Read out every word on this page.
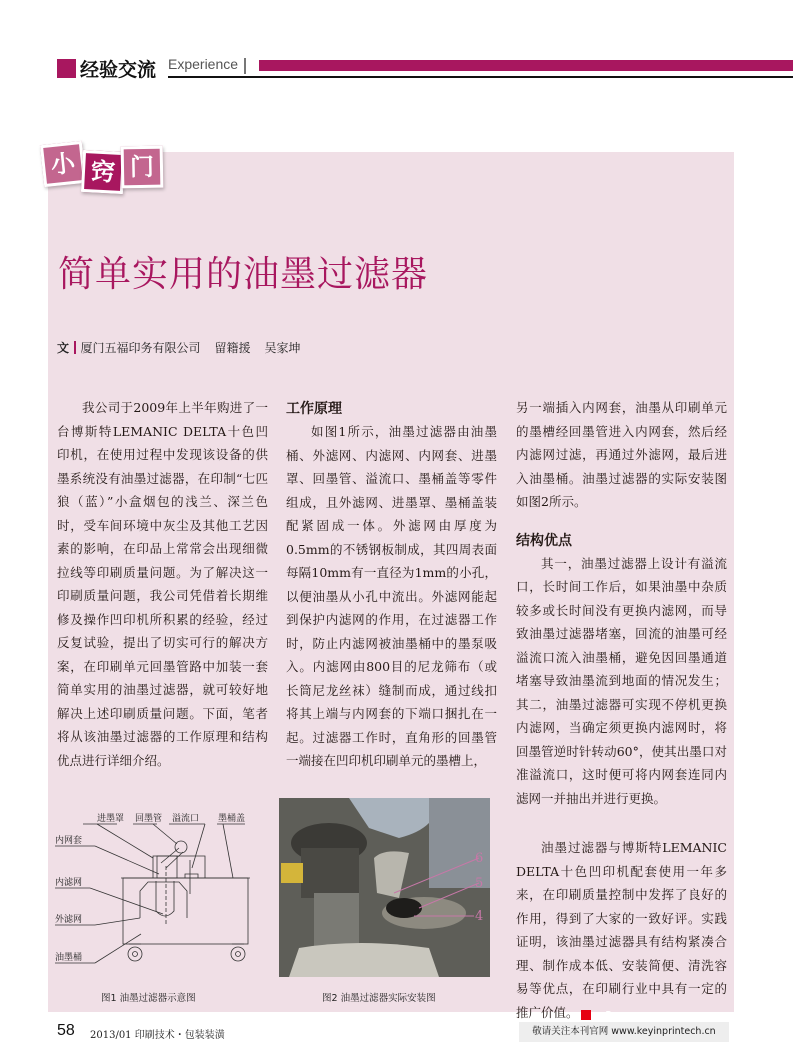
经验交流 Experience
小 窍 门
简单实用的油墨过滤器
文 厦门五福印务有限公司 留籍援 吴家坤

我公司于2009年上半年购进了一台博斯特LEMANIC DELTA十色凹印机，在使用过程中发现该设备的供墨系统没有油墨过滤器，在印制“七匹狼（蓝）”小盒烟包的浅兰、深兰色时，受车间环境中灰尘及其他工艺因素的影响，在印品上常常会出现细微拉线等印刷质量问题。为了解决这一印刷质量问题，我公司凭借着长期维修及操作凹印机所积累的经验，经过反复试验，提出了切实可行的解决方案，在印刷单元回墨管路中加装一套简单实用的油墨过滤器，就可较好地解决上述印刷质量问题。下面，笔者将从该油墨过滤器的工作原理和结构优点进行详细介绍。

工作原理

如图1所示，油墨过滤器由油墨桶、外滤网、内滤网、内网套、进墨罩、回墨管、溢流口、墨桶盖等零件组成，且外滤网、进墨罩、墨桶盖装配紧固成一体。外滤网由厚度为0.5mm的不锈钢板制成，其四周表面每隔10mm有一直径为1mm的小孔，以便油墨从小孔中流出。外滤网能起到保护内滤网的作用，在过滤器工作时，防止内滤网被油墨桶中的墨泵吸入。内滤网由800目的尼龙筛布（或长筒尼龙丝袜）缝制而成，通过线扣将其上端与内网套的下端口捆扎在一起。过滤器工作时，直角形的回墨管一端接在凹印机印刷单元的墨槽上，

另一端插入内网套，油墨从印刷单元的墨槽经回墨管进入内网套，然后经内滤网过滤，再通过外滤网，最后进入油墨桶。油墨过滤器的实际安装图如图2所示。

结构优点

其一，油墨过滤器上设计有溢流口，长时间工作后，如果油墨中杂质较多或长时间没有更换内滤网，而导致油墨过滤器堵塞，回流的油墨可经溢流口流入油墨桶，避免因回墨通道堵塞导致油墨流到地面的情况发生；其二，油墨过滤器可实现不停机更换内滤网，当确定须更换内滤网时，将回墨管逆时针转动60°，使其出墨口对准溢流口，这时便可将内网套连同内滤网一并抽出并进行更换。

油墨过滤器与博斯特LEMANIC DELTA十色凹印机配套使用一年多来，在印刷质量控制中发挥了良好的作用，得到了大家的一致好评。实践证明，该油墨过滤器具有结构紧凑合理、制作成本低、安装简便、清洗容易等优点，在印刷行业中具有一定的推广价值。	P

进墨罩 回墨管 溢流口 墨桶盖
内网套
内滤网
外滤网
油墨桶
图1 油墨过滤器示意图
6
5
4
图2 油墨过滤器实际安装图
58 2013/01 印刷技术・包装装潢	敬请关注本刊官网 www.keyinprintech.cn
